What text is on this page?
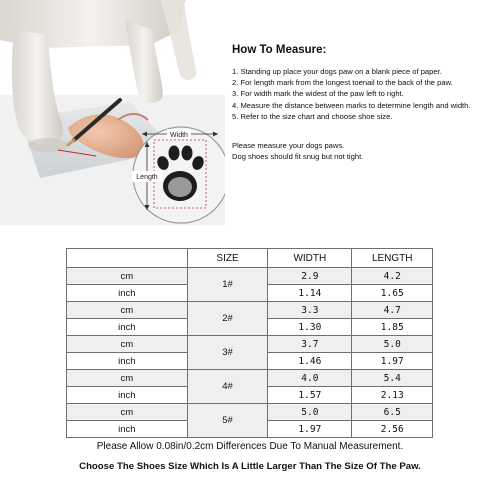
Width
Length
How To Measure:
1. Standing up place your dogs paw on a blank piece of paper.
2. For length mark from the longest toenail to the back of the paw.
3. For width mark the widest of the paw left to right.
4. Measure the distance between marks to determine length and width.
5. Refer to the size chart and choose shoe size.
Please measure your dogs paws.
Dog shoes should fit snug but not tight.
	SIZE	WIDTH	LENGTH
cm	1#	2.9	4.2
inch		1.14	1.65
cm	2#	3.3	4.7
inch		1.30	1.85
cm	3#	3.7	5.0
inch		1.46	1.97
cm	4#	4.0	5.4
inch		1.57	2.13
cm	5#	5.0	6.5
inch		1.97	2.56
Please Allow 0.08in/0.2cm Differences Due To Manual Measurement.
Choose The Shoes Size Which Is A Little Larger Than The Size Of The Paw.
